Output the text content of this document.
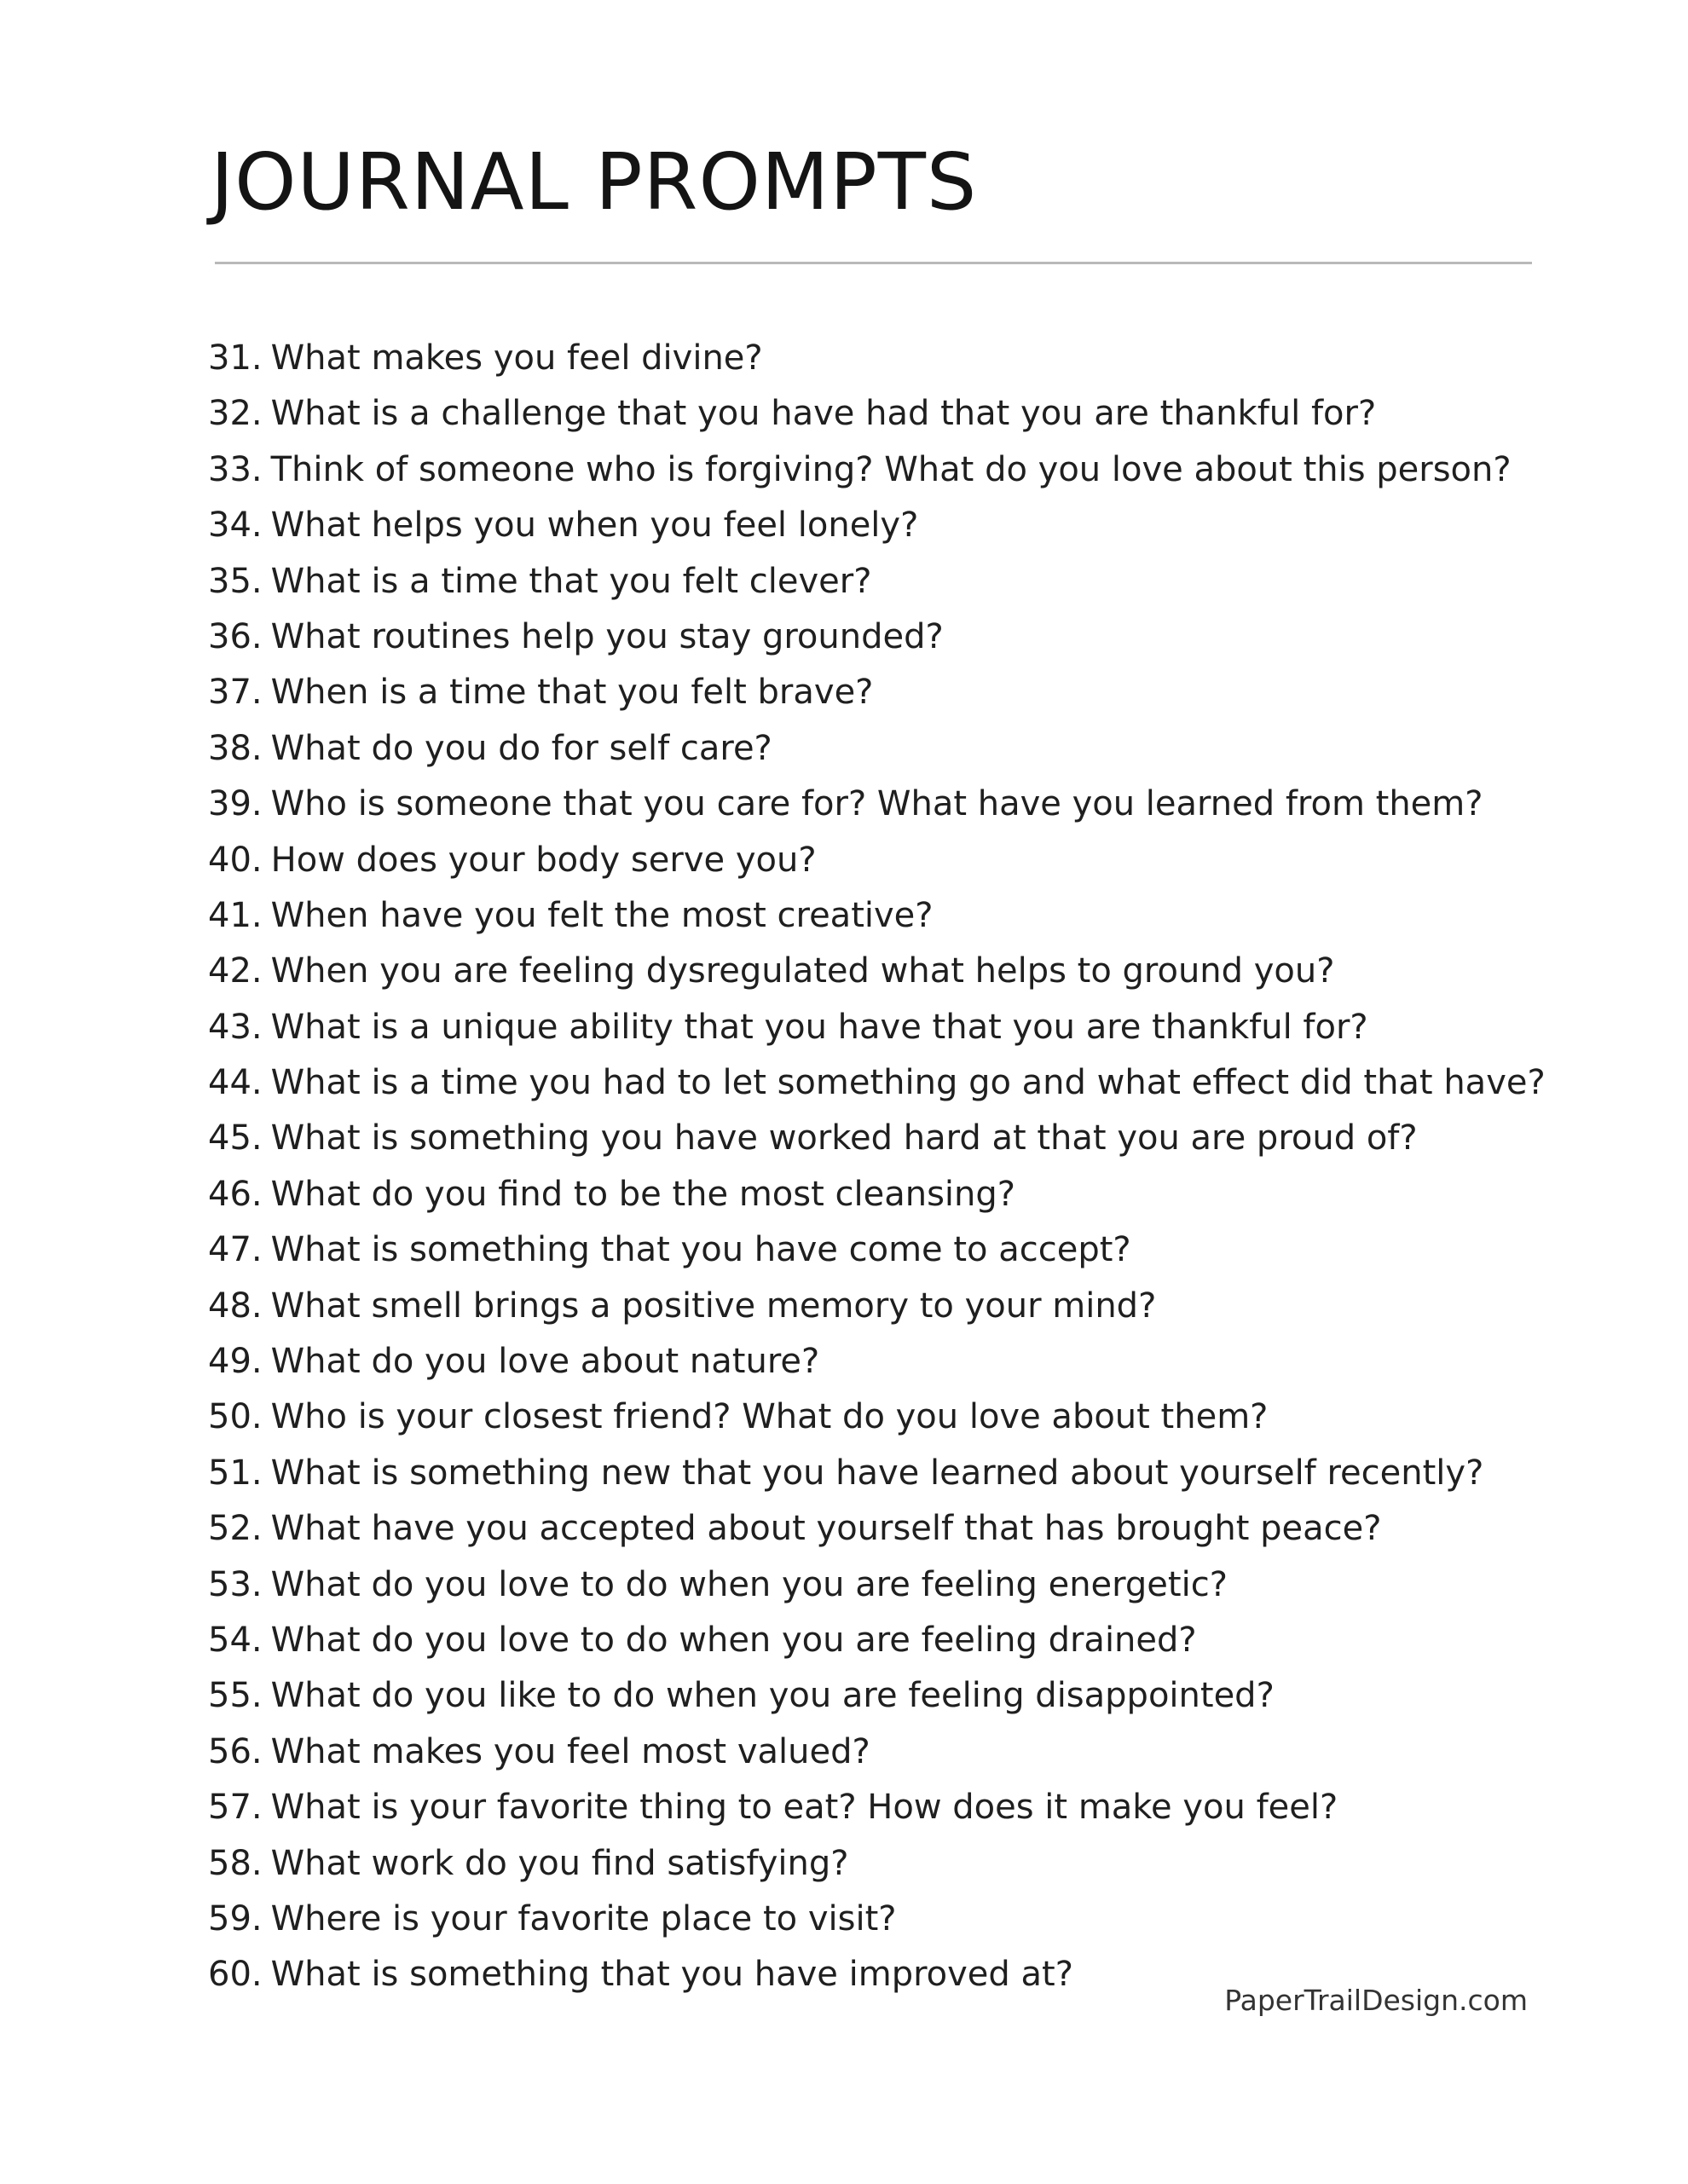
JOURNAL PROMPTS
31. What makes you feel divine?
32. What is a challenge that you have had that you are thankful for?
33. Think of someone who is forgiving? What do you love about this person?
34. What helps you when you feel lonely?
35. What is a time that you felt clever?
36. What routines help you stay grounded?
37. When is a time that you felt brave?
38. What do you do for self care?
39. Who is someone that you care for? What have you learned from them?
40. How does your body serve you?
41. When have you felt the most creative?
42. When you are feeling dysregulated what helps to ground you?
43. What is a unique ability that you have that you are thankful for?
44. What is a time you had to let something go and what effect did that have?
45. What is something you have worked hard at that you are proud of?
46. What do you find to be the most cleansing?
47. What is something that you have come to accept?
48. What smell brings a positive memory to your mind?
49. What do you love about nature?
50. Who is your closest friend? What do you love about them?
51. What is something new that you have learned about yourself recently?
52. What have you accepted about yourself that has brought peace?
53. What do you love to do when you are feeling energetic?
54. What do you love to do when you are feeling drained?
55. What do you like to do when you are feeling disappointed?
56. What makes you feel most valued?
57. What is your favorite thing to eat? How does it make you feel?
58. What work do you find satisfying?
59. Where is your favorite place to visit?
60. What is something that you have improved at?
PaperTrailDesign.com
